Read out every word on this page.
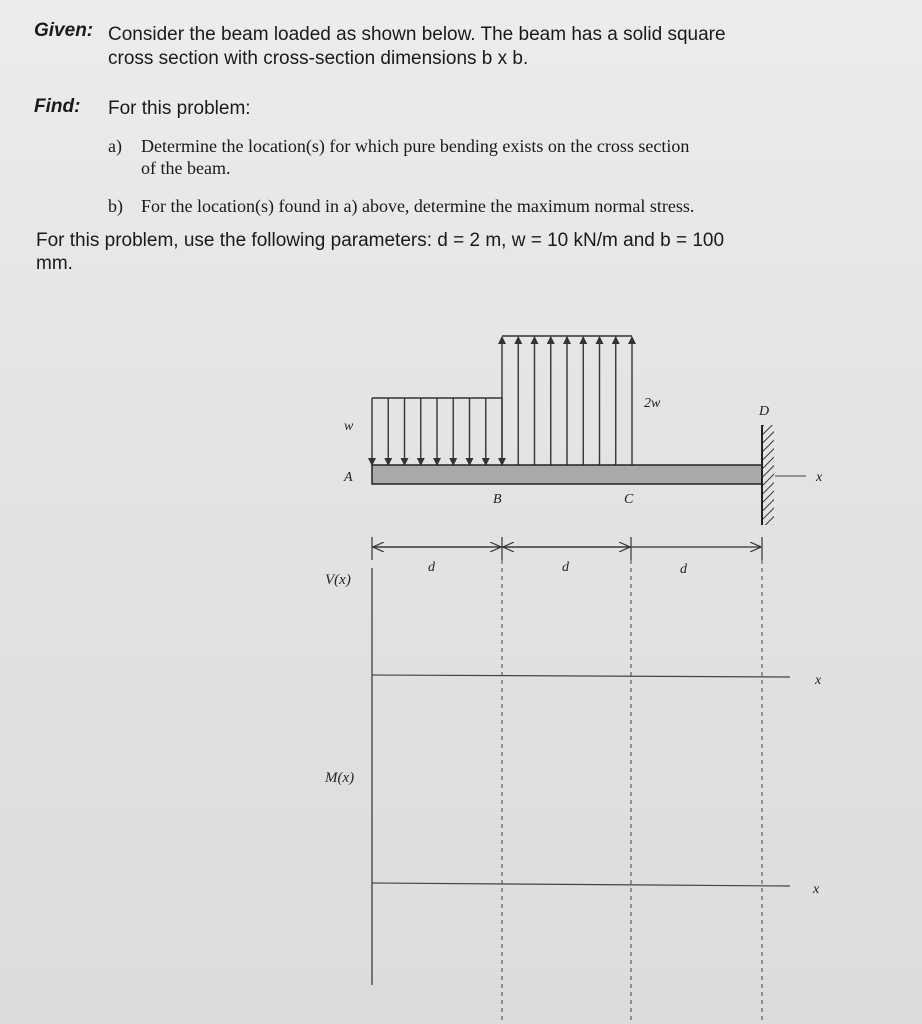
Given: Consider the beam loaded as shown below. The beam has a solid square
cross section with cross-section dimensions b x b.
Find: For this problem:
a) Determine the location(s) for which pure bending exists on the cross section
of the beam.
b) For the location(s) found in a) above, determine the maximum normal stress.
For this problem, use the following parameters: d = 2 m, w = 10 kN/m and b = 100
mm.
w
2w
A
B	C
D
x
d	d	d
V(x)
x
M(x)
x
